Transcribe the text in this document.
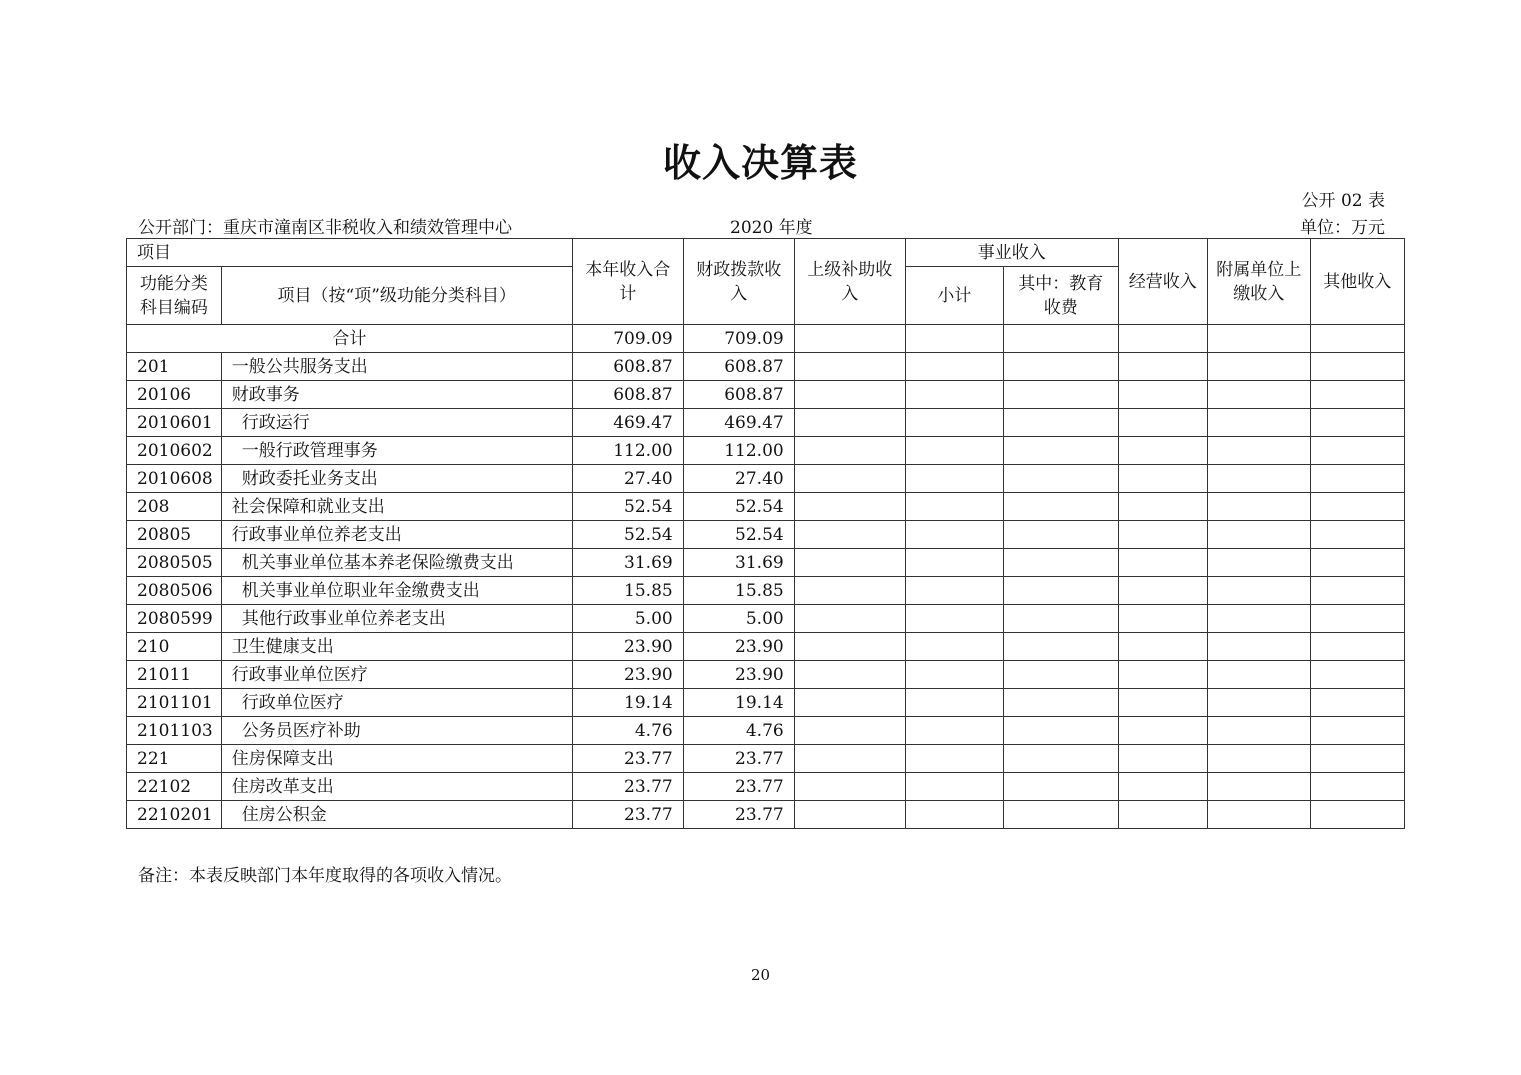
收入决算表
公开 02 表
公开部门：重庆市潼南区非税收入和绩效管理中心	2020 年度	单位：万元
项目		本年收入合计	财政拨款收入	上级补助收入	事业收入		经营收入	附属单位上缴收入	其他收入
功能分类科目编码	项目（按“项”级功能分类科目）								
					小计	其中：教育收费			
合计		709.09	709.09						
201	一般公共服务支出	608.87	608.87						
20106	财政事务	608.87	608.87						
2010601	行政运行	469.47	469.47						
2010602	一般行政管理事务	112.00	112.00						
2010608	财政委托业务支出	27.40	27.40						
208	社会保障和就业支出	52.54	52.54						
20805	行政事业单位养老支出	52.54	52.54						
2080505	机关事业单位基本养老保险缴费支出	31.69	31.69						
2080506	机关事业单位职业年金缴费支出	15.85	15.85						
2080599	其他行政事业单位养老支出	5.00	5.00						
210	卫生健康支出	23.90	23.90						
21011	行政事业单位医疗	23.90	23.90						
2101101	行政单位医疗	19.14	19.14						
2101103	公务员医疗补助	4.76	4.76						
221	住房保障支出	23.77	23.77						
22102	住房改革支出	23.77	23.77						
2210201	住房公积金	23.77	23.77						
备注：本表反映部门本年度取得的各项收入情况。
20
